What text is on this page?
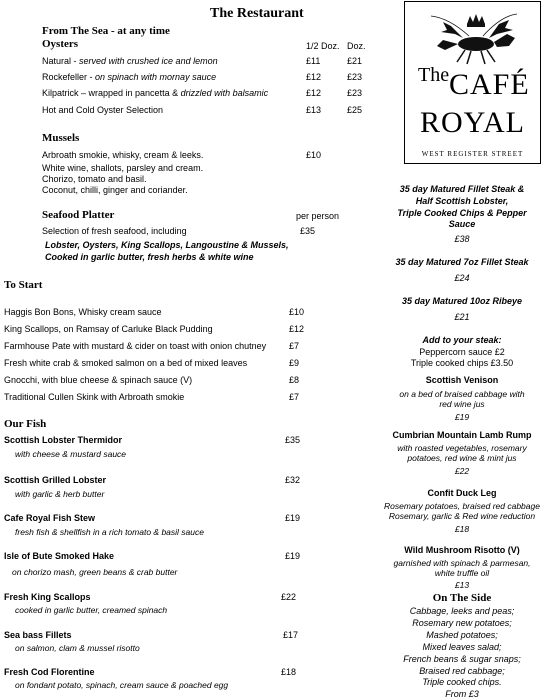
The Restaurant
From The Sea - at any time
Oysters	1/2 Doz. Doz.
Natural - served with crushed ice and lemon	£11	£21
Rockefeller - on spinach with mornay sauce	£12	£23
Kilpatrick – wrapped in pancetta & drizzled with balsamic	£12	£23
Hot and Cold Oyster Selection	£13	£25
Mussels
Arbroath smokie, whisky, cream & leeks.	£10
White wine, shallots, parsley and cream.
Chorizo, tomato and basil.
Coconut, chilli, ginger and coriander.
Seafood Platter	per person
Selection of fresh seafood, including	£35
Lobster, Oysters, King Scallops, Langoustine & Mussels,
Cooked in garlic butter, fresh herbs & white wine
To Start
Haggis Bon Bons, Whisky cream sauce	£10
King Scallops, on Ramsay of Carluke Black Pudding	£12
Farmhouse Pate with mustard & cider on toast with onion chutney	£7
Fresh white crab & smoked salmon on a bed of mixed leaves	£9
Gnocchi, with blue cheese & spinach sauce (V)	£8
Traditional Cullen Skink with Arbroath smokie	£7
Our Fish
Scottish Lobster Thermidor	£35
with cheese & mustard sauce
Scottish Grilled Lobster	£32
with garlic & herb butter
Cafe Royal Fish Stew	£19
fresh fish & shellfish in a rich tomato & basil sauce
Isle of Bute Smoked Hake	£19
on chorizo mash, green beans & crab butter
Fresh King Scallops	£22
cooked in garlic butter, creamed spinach
Sea bass Fillets	£17
on salmon, clam & mussel risotto
Fresh Cod Florentine	£18
on fondant potato, spinach, cream sauce & poached egg
The CAFÉ
ROYAL
WEST REGISTER STREET
35 day Matured Fillet Steak &
Half Scottish Lobster,
Triple Cooked Chips & Pepper
Sauce
£38
35 day Matured 7oz Fillet Steak
£24
35 day Matured 10oz Ribeye
£21
Add to your steak:
Peppercorn sauce £2
Triple cooked chips £3.50
Scottish Venison
on a bed of braised cabbage with
red wine jus
£19
Cumbrian Mountain Lamb Rump
with roasted vegetables, rosemary
potatoes, red wine & mint jus
£22
Confit Duck Leg
Rosemary potatoes, braised red cabbage
Rosemary, garlic & Red wine reduction
£18
Wild Mushroom Risotto (V)
garnished with spinach & parmesan,
white truffle oil
£13
On The Side
Cabbage, leeks and peas;
Rosemary new potatoes;
Mashed potatoes;
Mixed leaves salad;
French beans & sugar snaps;
Braised red cabbage;
Triple cooked chips.
From £3
